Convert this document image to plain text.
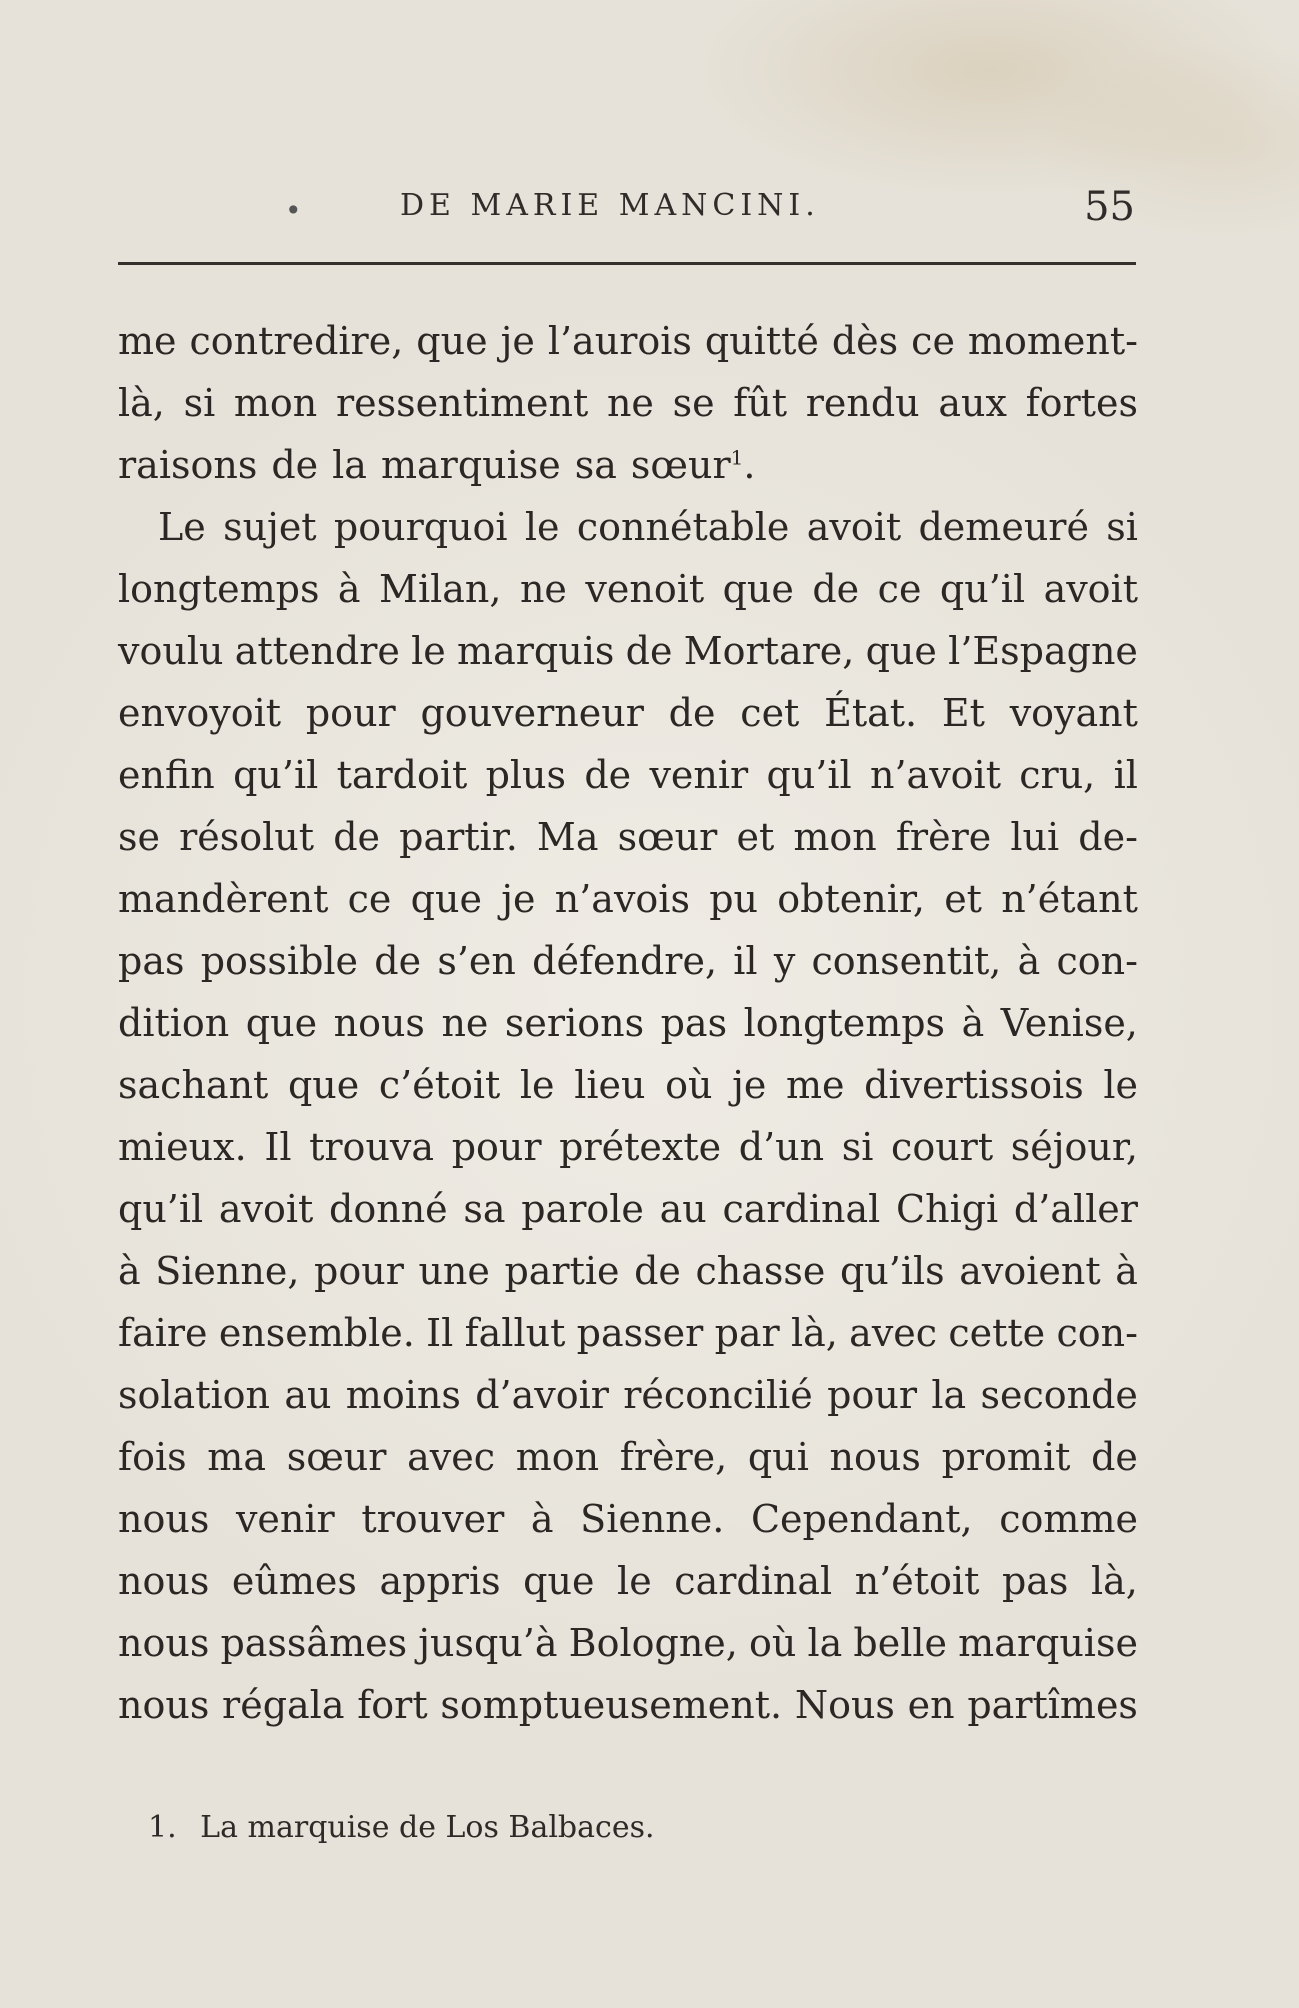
•	DE MARIE MANCINI.	55
me contredire, que je l’aurois quitté dès ce moment-
là, si mon ressentiment ne se fût rendu aux fortes
raisons de la marquise sa sœur$^1$.
Le sujet pourquoi le connétable avoit demeuré si
longtemps à Milan, ne venoit que de ce qu’il avoit
voulu attendre le marquis de Mortare, que l’Espagne
envoyoit pour gouverneur de cet État. Et voyant
enfin qu’il tardoit plus de venir qu’il n’avoit cru, il
se résolut de partir. Ma sœur et mon frère lui de-
mandèrent ce que je n’avois pu obtenir, et n’étant
pas possible de s’en défendre, il y consentit, à con-
dition que nous ne serions pas longtemps à Venise,
sachant que c’étoit le lieu où je me divertissois le
mieux. Il trouva pour prétexte d’un si court séjour,
qu’il avoit donné sa parole au cardinal Chigi d’aller
à Sienne, pour une partie de chasse qu’ils avoient à
faire ensemble. Il fallut passer par là, avec cette con-
solation au moins d’avoir réconcilié pour la seconde
fois ma sœur avec mon frère, qui nous promit de
nous venir trouver à Sienne. Cependant, comme
nous eûmes appris que le cardinal n’étoit pas là,
nous passâmes jusqu’à Bologne, où la belle marquise
nous régala fort somptueusement. Nous en partîmes
1. La marquise de Los Balbaces.
